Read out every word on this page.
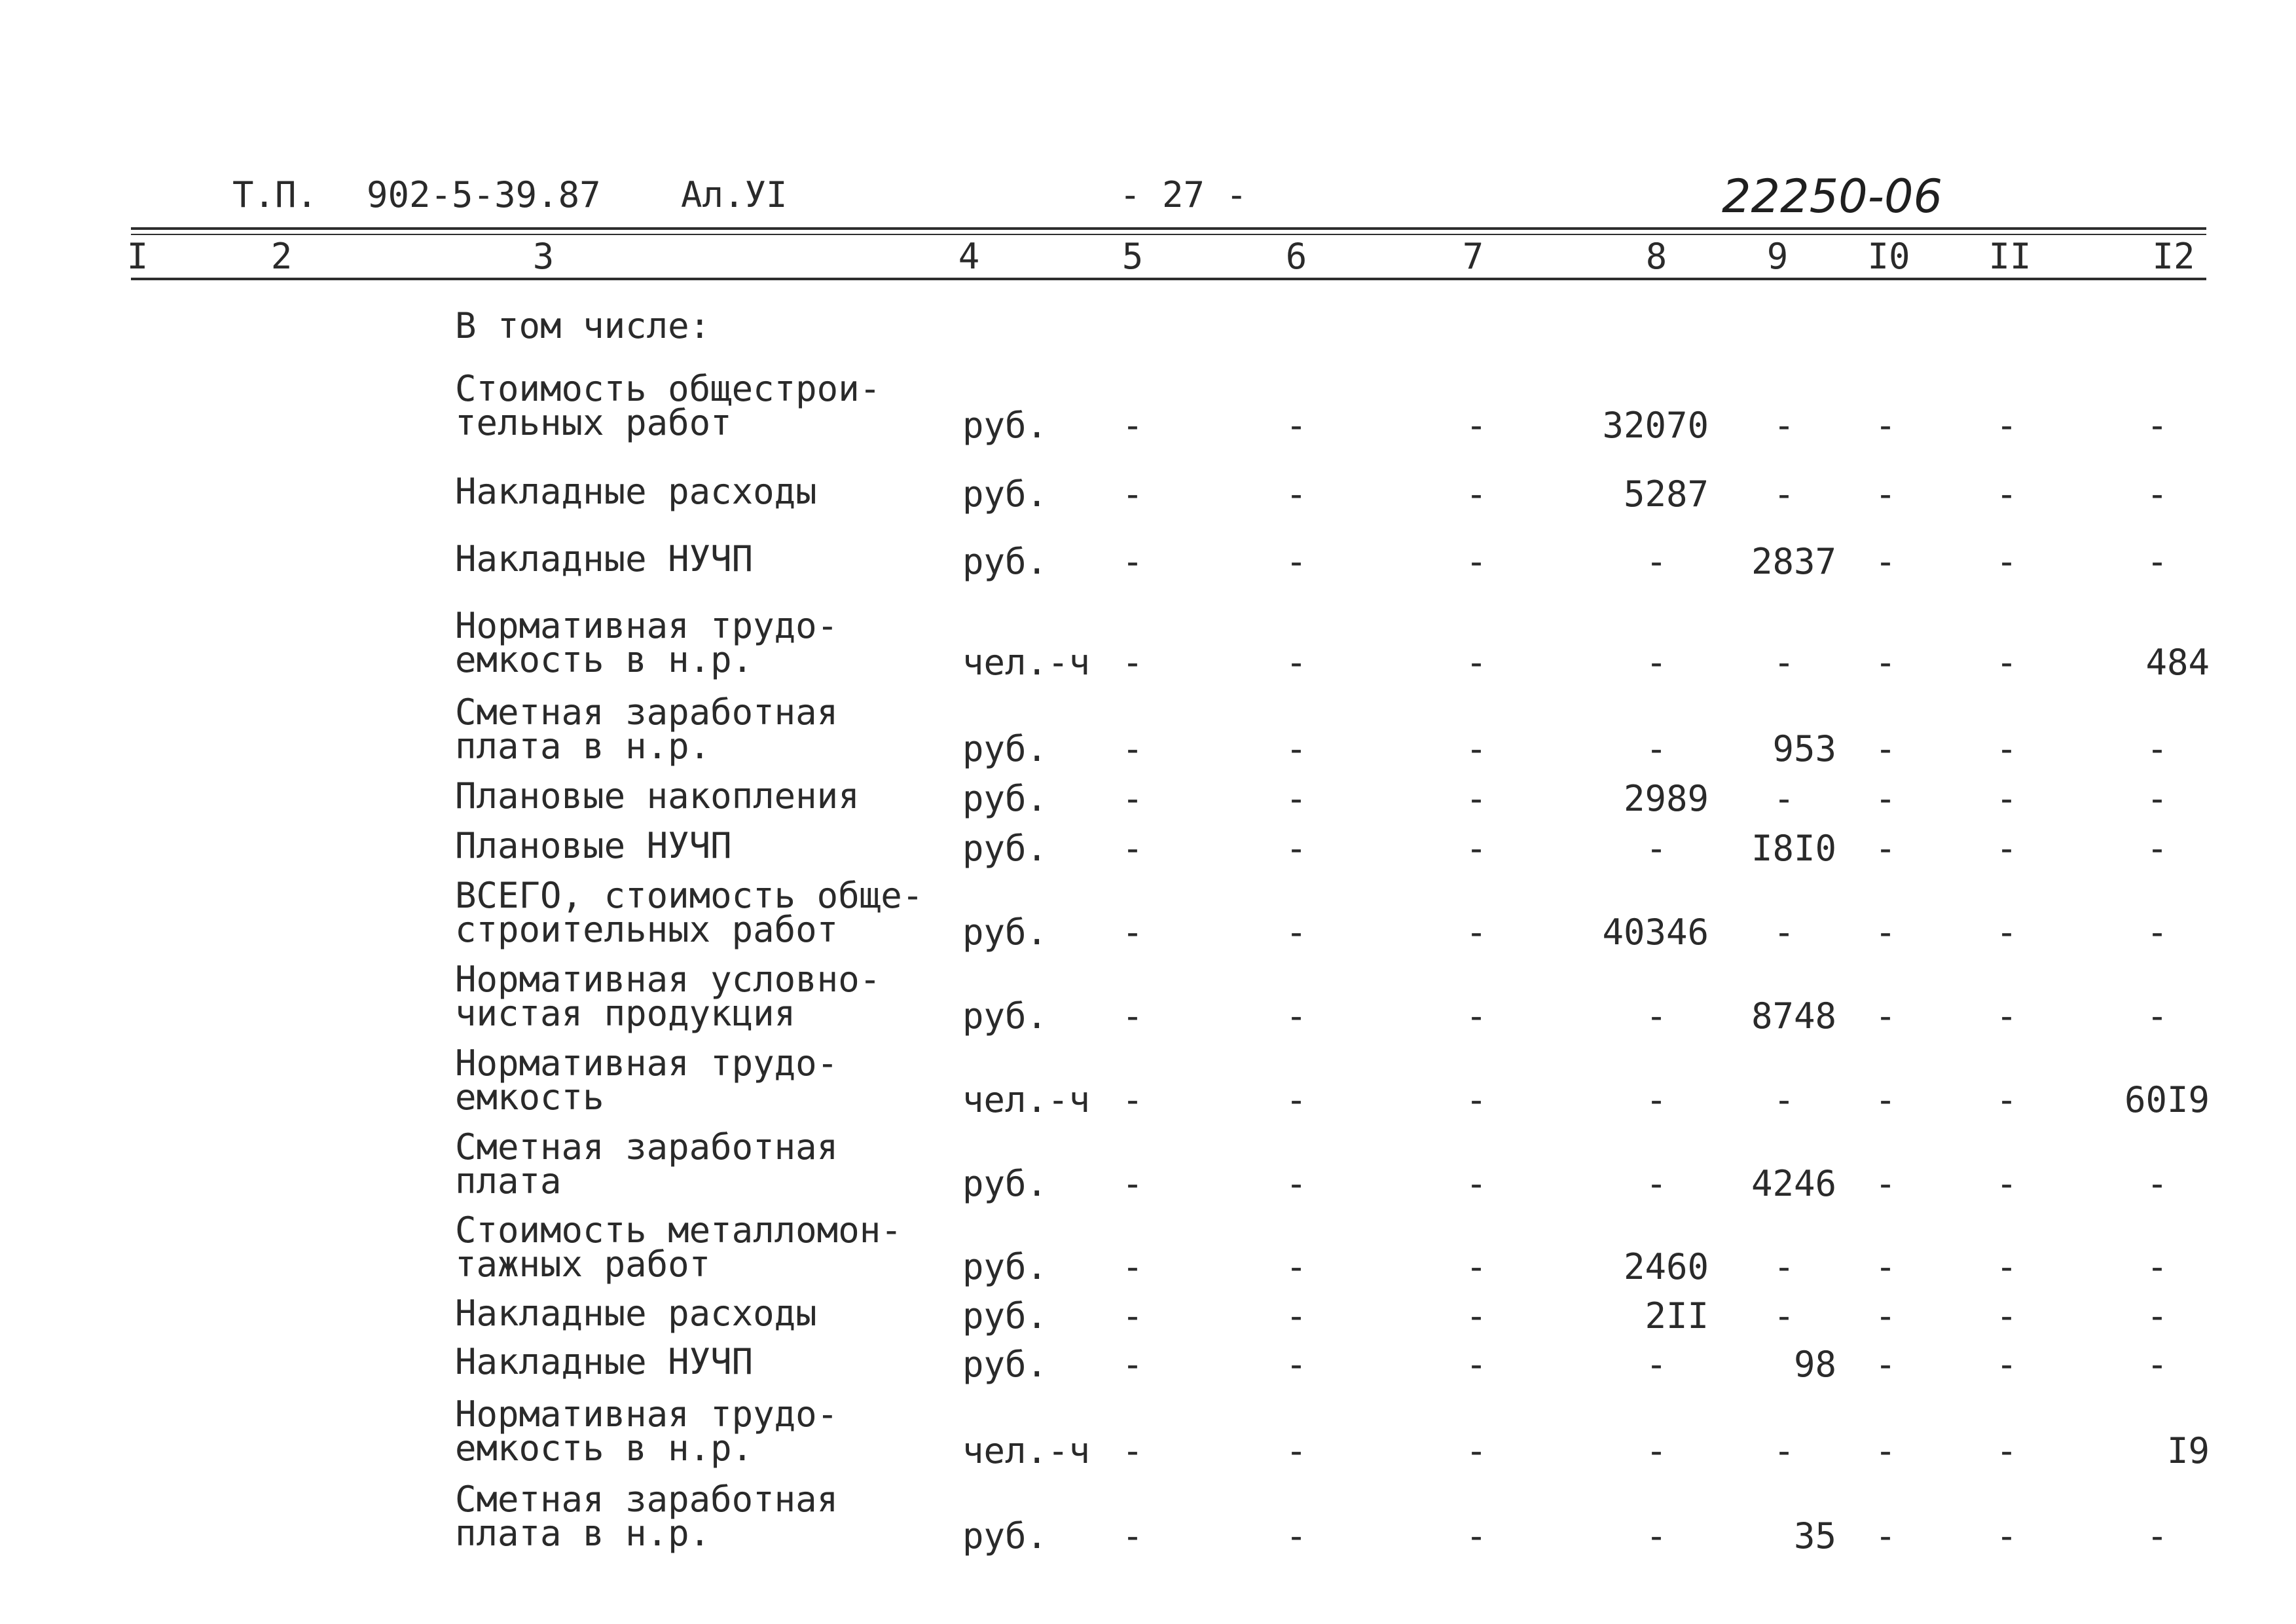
Т.П. 902-5-39.87 Ал.УI	- 27 -	22250-06
I	2	3	4	5	6	7	8	9	I0	II	I2
В том числе:
Стоимость общестрои-
тельных работ	руб.	-	-	-	32070	-	-	-	-
Накладные расходы	руб.	-	-	-	5287	-	-	-	-
Накладные НУЧП	руб.	-	-	-	-	2837	-	-	-
Нормативная трудо-
емкость в н.р.	чел.-ч -	-	-	-	-	-	-	484
Сметная заработная
плата в н.р.	руб.	-	-	-	-	953	-	-	-
Плановые накопления	руб.	-	-	-	2989	-	-	-	-
Плановые НУЧП	руб.	-	-	-	-	I8I0	-	-	-
ВСЕГО, стоимость обще-
строительных работ	руб.	-	-	-	40346	-	-	-	-
Нормативная условно-
чистая продукция	руб.	-	-	-	-	8748	-	-	-
Нормативная трудо-
емкость	чел.-ч -	-	-	-	-	-	-	60I9
Сметная заработная
плата	руб.	-	-	-	-	4246	-	-	-
Стоимость металломон-
тажных работ	руб.	-	-	-	2460	-	-	-	-
Накладные расходы	руб.	-	-	-	2II	-	-	-	-
Накладные НУЧП	руб.	-	-	-	-	98	-	-	-
Нормативная трудо-
емкость в н.р.	чел.-ч -	-	-	-	-	-	-	I9
Сметная заработная
плата в н.р.	руб.	-	-	-	-	35	-	-	-
